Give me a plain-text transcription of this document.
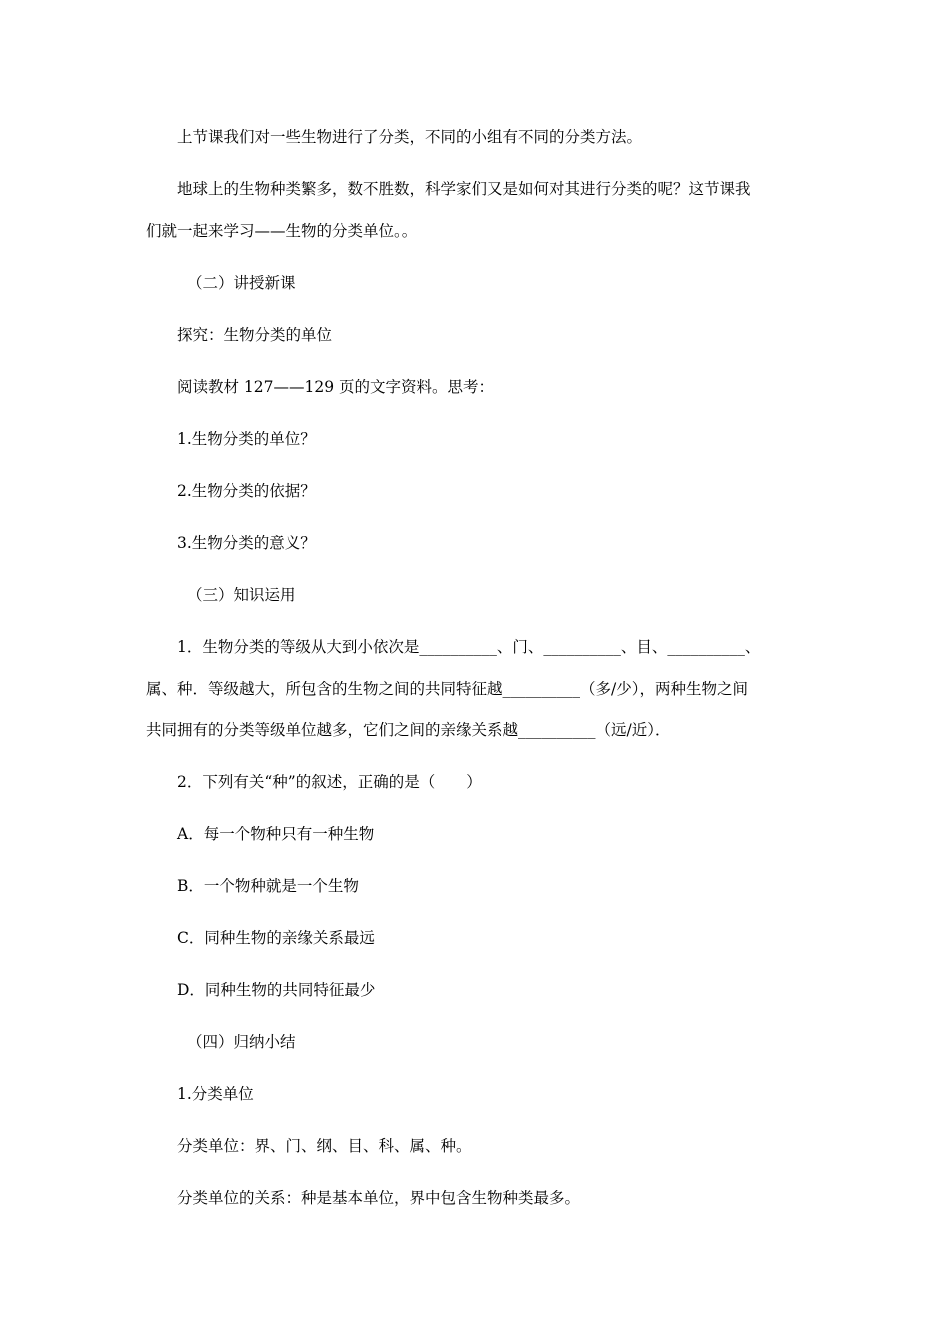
上节课我们对一些生物进行了分类，不同的小组有不同的分类方法。
地球上的生物种类繁多，数不胜数，科学家们又是如何对其进行分类的呢？这节课我
们就一起来学习——生物的分类单位。。
（二）讲授新课
探究：生物分类的单位
阅读教材 127——129 页的文字资料。思考：
1.生物分类的单位？
2.生物分类的依据？
3.生物分类的意义？
（三）知识运用
1．生物分类的等级从大到小依次是__________、门、__________、目、__________、
属、种．等级越大，所包含的生物之间的共同特征越__________（多/少），两种生物之间
共同拥有的分类等级单位越多，它们之间的亲缘关系越__________（远/近）．
2．下列有关“种”的叙述，正确的是（　　）
A．每一个物种只有一种生物
B．一个物种就是一个生物
C．同种生物的亲缘关系最远
D．同种生物的共同特征最少
（四）归纳小结
1.分类单位
分类单位：界、门、纲、目、科、属、种。
分类单位的关系：种是基本单位，界中包含生物种类最多。
